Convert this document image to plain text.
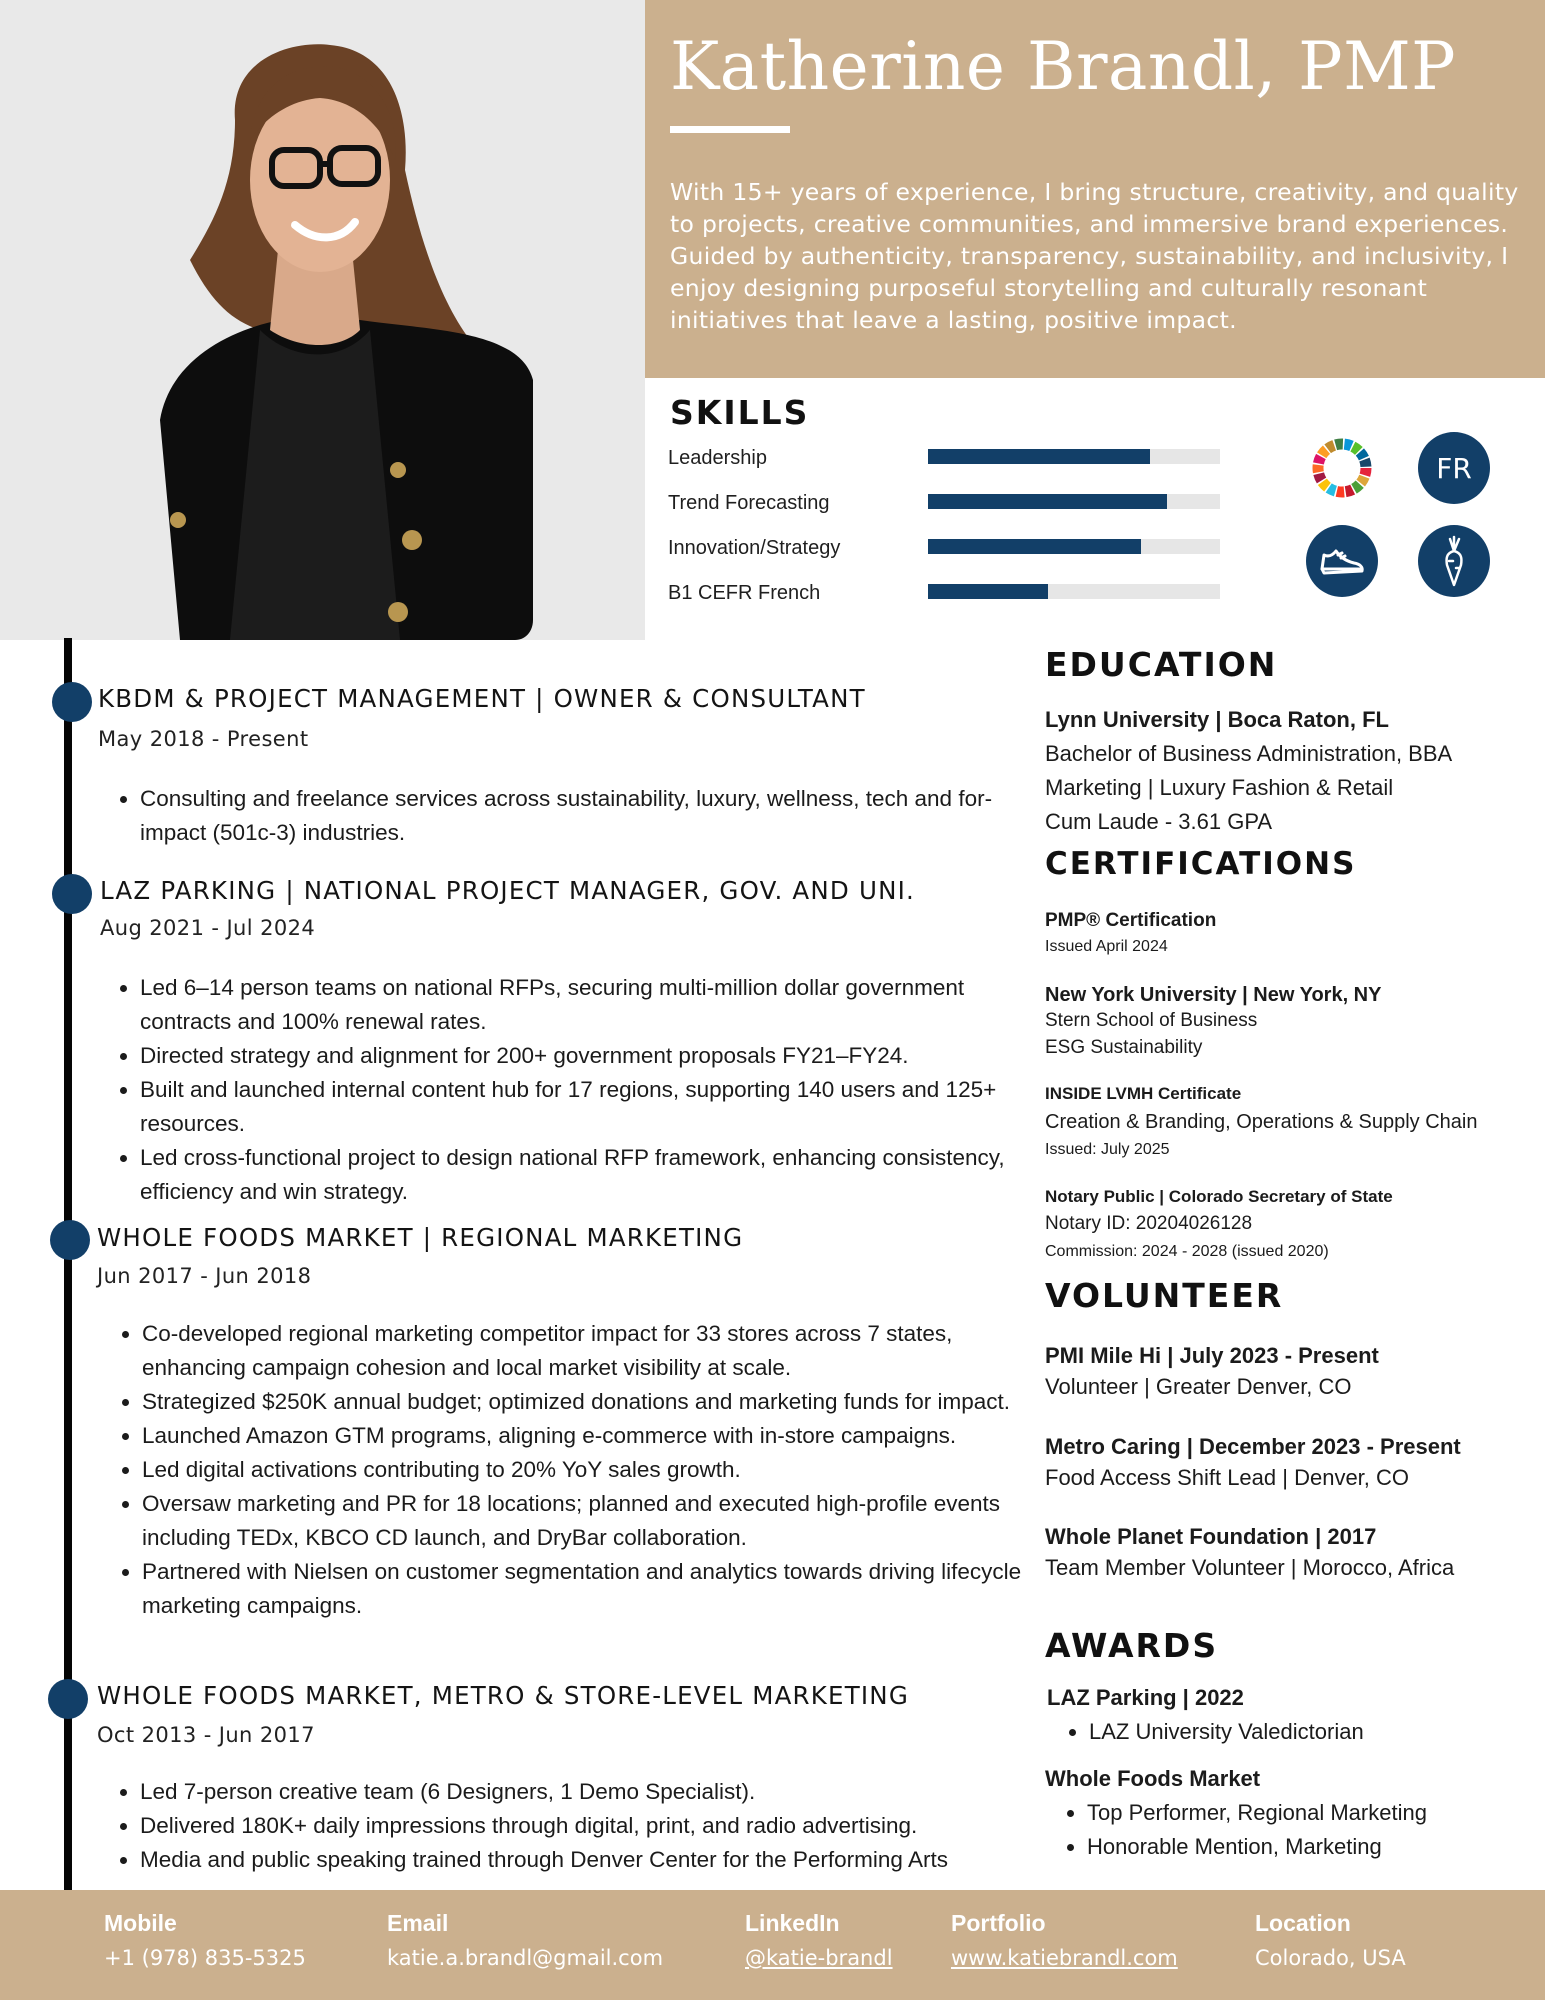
Katherine Brandl, PMP
With 15+ years of experience, I bring structure, creativity, and quality to projects, creative communities, and immersive brand experiences. Guided by authenticity, transparency, sustainability, and inclusivity, I enjoy designing purposeful storytelling and culturally resonant initiatives that leave a lasting, positive impact.
SKILLS
Leadership
Trend Forecasting
Innovation/Strategy
B1 CEFR French
FR
KBDM & PROJECT MANAGEMENT | OWNER & CONSULTANT
May 2018 - Present
• Consulting and freelance services across sustainability, luxury, wellness, tech and for-impact (501c-3) industries.
LAZ PARKING | NATIONAL PROJECT MANAGER, GOV. AND UNI.
Aug 2021 - Jul 2024
• Led 6–14 person teams on national RFPs, securing multi-million dollar government contracts and 100% renewal rates.
• Directed strategy and alignment for 200+ government proposals FY21–FY24.
• Built and launched internal content hub for 17 regions, supporting 140 users and 125+ resources.
• Led cross-functional project to design national RFP framework, enhancing consistency, efficiency and win strategy.
WHOLE FOODS MARKET | REGIONAL MARKETING
Jun 2017 - Jun 2018
• Co-developed regional marketing competitor impact for 33 stores across 7 states, enhancing campaign cohesion and local market visibility at scale.
• Strategized $250K annual budget; optimized donations and marketing funds for impact.
• Launched Amazon GTM programs, aligning e-commerce with in-store campaigns.
• Led digital activations contributing to 20% YoY sales growth.
• Oversaw marketing and PR for 18 locations; planned and executed high-profile events including TEDx, KBCO CD launch, and DryBar collaboration.
• Partnered with Nielsen on customer segmentation and analytics towards driving lifecycle marketing campaigns.
WHOLE FOODS MARKET, METRO & STORE-LEVEL MARKETING
Oct 2013 - Jun 2017
• Led 7-person creative team (6 Designers, 1 Demo Specialist).
• Delivered 180K+ daily impressions through digital, print, and radio advertising.
• Media and public speaking trained through Denver Center for the Performing Arts
EDUCATION
Lynn University | Boca Raton, FL
Bachelor of Business Administration, BBA
Marketing | Luxury Fashion & Retail
Cum Laude - 3.61 GPA
CERTIFICATIONS
PMP® Certification
Issued April 2024
New York University | New York, NY
Stern School of Business
ESG Sustainability
INSIDE LVMH Certificate
Creation & Branding, Operations & Supply Chain
Issued: July 2025
Notary Public | Colorado Secretary of State
Notary ID: 20204026128
Commission: 2024 - 2028 (issued 2020)
VOLUNTEER
PMI Mile Hi | July 2023 - Present
Volunteer | Greater Denver, CO
Metro Caring | December 2023 - Present
Food Access Shift Lead | Denver, CO
Whole Planet Foundation | 2017
Team Member Volunteer | Morocco, Africa
AWARDS
LAZ Parking | 2022
• LAZ University Valedictorian
Whole Foods Market
• Top Performer, Regional Marketing
• Honorable Mention, Marketing
Mobile
+1 (978) 835-5325
Email
katie.a.brandl@gmail.com
LinkedIn
@katie-brandl
Portfolio
www.katiebrandl.com
Location
Colorado, USA
